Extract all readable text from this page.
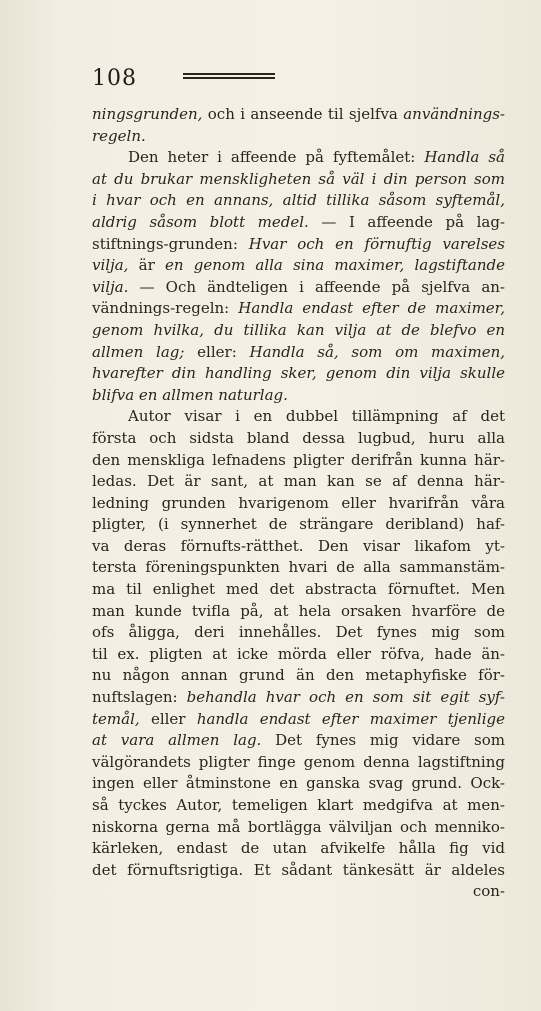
108
ningsgrunden, och i anseende til sjelfva användnings-
regeln.
Den heter i affeende på fyftemålet: Handla så
at du brukar menskligheten så väl i din person som
i hvar och en annans, altid tillika såsom syftemål,
aldrig såsom blott medel. — I affeende på lag-
stiftnings-grunden: Hvar och en förnuftig varelses
vilja, är en genom alla sina maximer, lagstiftande
vilja. — Och ändteligen i affeende på sjelfva an-
vändnings-regeln: Handla endast efter de maximer,
genom hvilka, du tillika kan vilja at de blefvo en
allmen lag; eller: Handla så, som om maximen,
hvarefter din handling sker, genom din vilja skulle
blifva en allmen naturlag.
Autor visar i en dubbel tillämpning af det
första och sidsta bland dessa lugbud, huru alla
den menskliga lefnadens pligter derifrån kunna här-
ledas. Det är sant, at man kan se af denna här-
ledning grunden hvarigenom eller hvarifrån våra
pligter, (i synnerhet de strängare deribland) haf-
va deras förnufts-rätthet. Den visar likafom yt-
tersta föreningspunkten hvari de alla sammanstäm-
ma til enlighet med det abstracta förnuftet. Men
man kunde tvifla på, at hela orsaken hvarföre de
ofs åligga, deri innehålles. Det fynes mig som
til ex. pligten at icke mörda eller röfva, hade än-
nu någon annan grund än den metaphyfiske för-
nuftslagen: behandla hvar och en som sit egit syf-
temål, eller handla endast efter maximer tjenlige
at vara allmen lag. Det fynes mig vidare som
välgörandets pligter finge genom denna lagstiftning
ingen eller åtminstone en ganska svag grund. Ock-
så tyckes Autor, temeligen klart medgifva at men-
niskorna gerna må bortlägga välviljan och menniko-
kärleken, endast de utan afvikelfe hålla fig vid
det förnuftsrigtiga. Et sådant tänkesätt är aldeles
con-
